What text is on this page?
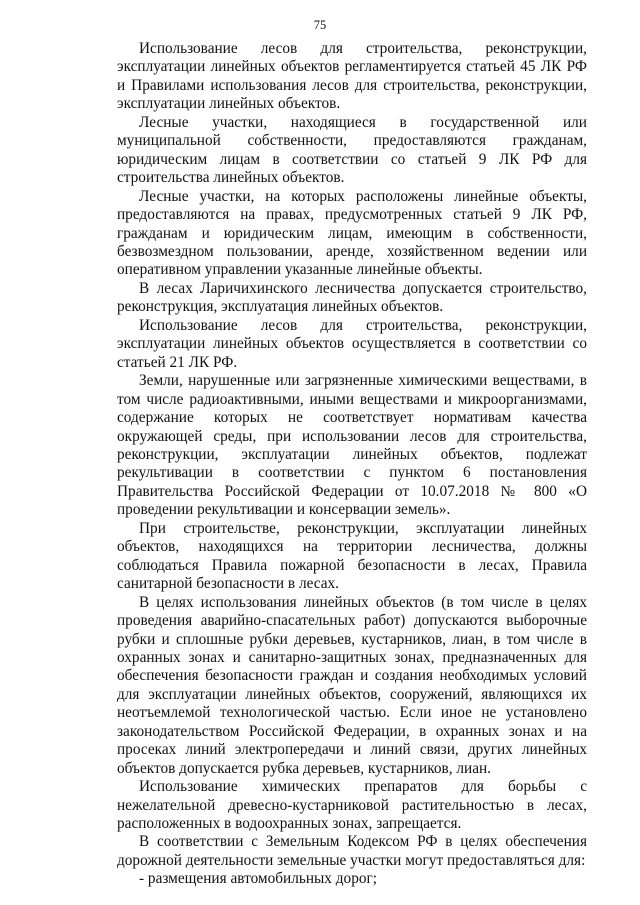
75

Использование лесов для строительства, реконструкции, эксплуатации линейных объектов регламентируется статьей 45 ЛК РФ и Правилами использования лесов для строительства, реконструкции, эксплуатации линейных объектов.

Лесные участки, находящиеся в государственной или муниципальной собственности, предоставляются гражданам, юридическим лицам в соответствии со статьей 9 ЛК РФ для строительства линейных объектов.

Лесные участки, на которых расположены линейные объекты, предоставляются на правах, предусмотренных статьей 9 ЛК РФ, гражданам и юридическим лицам, имеющим в собственности, безвозмездном пользовании, аренде, хозяйственном ведении или оперативном управлении указанные линейные объекты.

В лесах Ларичихинского лесничества допускается строительство, реконструкция, эксплуатация линейных объектов.

Использование лесов для строительства, реконструкции, эксплуатации линейных объектов осуществляется в соответствии со статьей 21 ЛК РФ.

Земли, нарушенные или загрязненные химическими веществами, в том числе радиоактивными, иными веществами и микроорганизмами, содержание которых не соответствует нормативам качества окружающей среды, при использовании лесов для строительства, реконструкции, эксплуатации линейных объектов, подлежат рекультивации в соответствии с пунктом 6 постановления Правительства Российской Федерации от 10.07.2018 № 800 «О проведении рекультивации и консервации земель».

При строительстве, реконструкции, эксплуатации линейных объектов, находящихся на территории лесничества, должны соблюдаться Правила пожарной безопасности в лесах, Правила санитарной безопасности в лесах.

В целях использования линейных объектов (в том числе в целях проведения аварийно-спасательных работ) допускаются выборочные рубки и сплошные рубки деревьев, кустарников, лиан, в том числе в охранных зонах и санитарно-защитных зонах, предназначенных для обеспечения безопасности граждан и создания необходимых условий для эксплуатации линейных объектов, сооружений, являющихся их неотъемлемой технологической частью. Если иное не установлено законодательством Российской Федерации, в охранных зонах и на просеках линий электропередачи и линий связи, других линейных объектов допускается рубка деревьев, кустарников, лиан.

Использование химических препаратов для борьбы с нежелательной древесно-кустарниковой растительностью в лесах, расположенных в водоохранных зонах, запрещается.

В соответствии с Земельным Кодексом РФ в целях обеспечения дорожной деятельности земельные участки могут предоставляться для:

- размещения автомобильных дорог;
